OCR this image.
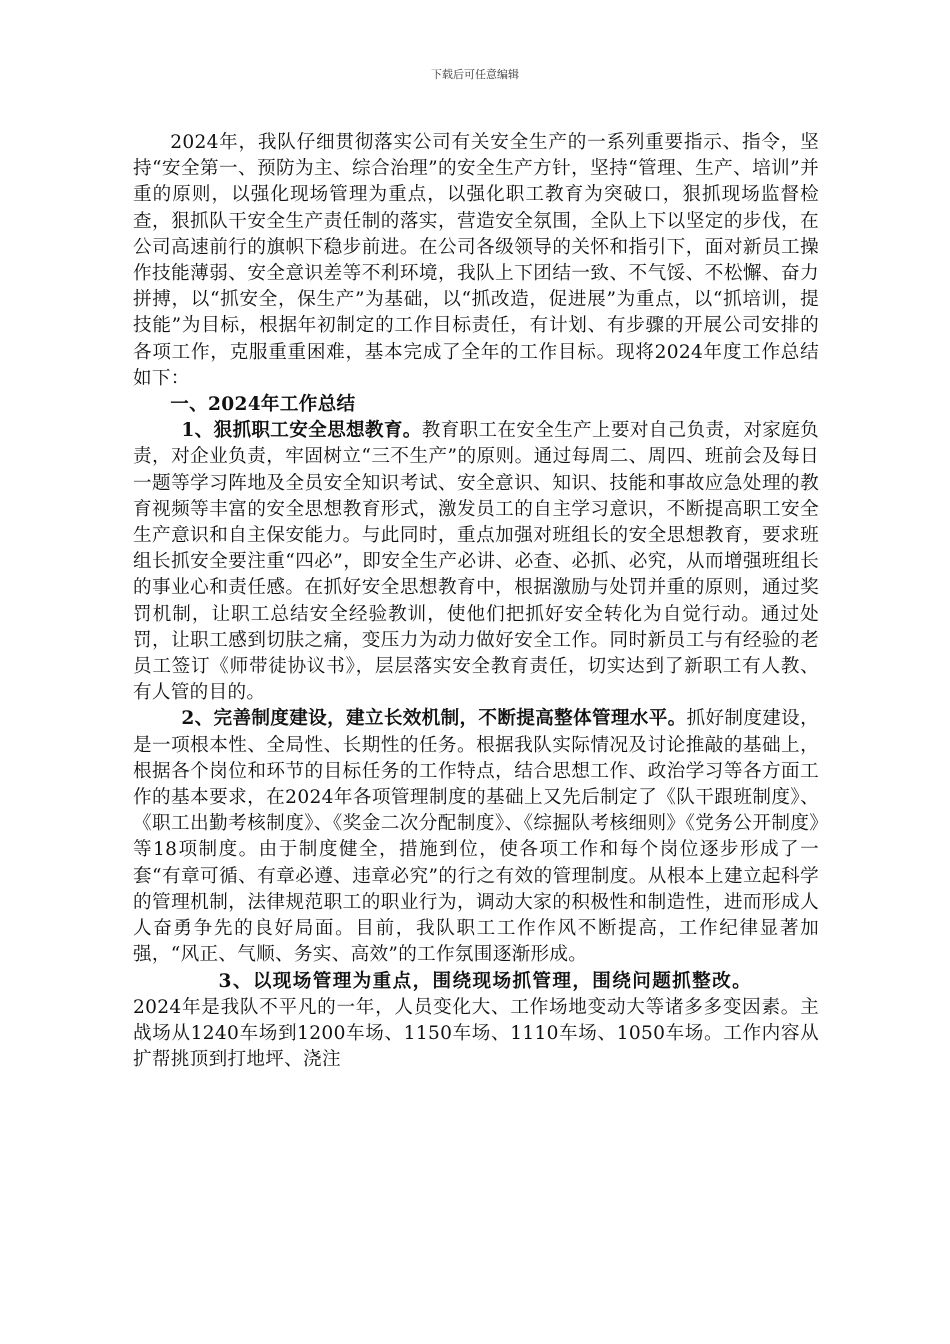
下载后可任意编辑

2024年，我队仔细贯彻落实公司有关安全生产的一系列重要指示、指令，坚持“安全第一、预防为主、综合治理”的安全生产方针，坚持“管理、生产、培训”并重的原则，以强化现场管理为重点，以强化职工教育为突破口，狠抓现场监督检查，狠抓队干安全生产责任制的落实，营造安全氛围，全队上下以坚定的步伐，在公司高速前行的旗帜下稳步前进。在公司各级领导的关怀和指引下，面对新员工操作技能薄弱、安全意识差等不利环境，我队上下团结一致、不气馁、不松懈、奋力拼搏，以“抓安全，保生产”为基础，以“抓改造，促进展”为重点，以“抓培训，提技能”为目标，根据年初制定的工作目标责任，有计划、有步骤的开展公司安排的各项工作，克服重重困难，基本完成了全年的工作目标。现将2024年度工作总结如下：

一、2024年工作总结

1、狠抓职工安全思想教育。教育职工在安全生产上要对自己负责，对家庭负责，对企业负责，牢固树立“三不生产”的原则。通过每周二、周四、班前会及每日一题等学习阵地及全员安全知识考试、安全意识、知识、技能和事故应急处理的教育视频等丰富的安全思想教育形式，激发员工的自主学习意识，不断提高职工安全生产意识和自主保安能力。与此同时，重点加强对班组长的安全思想教育，要求班组长抓安全要注重“四必”，即安全生产必讲、必查、必抓、必究，从而增强班组长的事业心和责任感。在抓好安全思想教育中，根据激励与处罚并重的原则，通过奖罚机制，让职工总结安全经验教训，使他们把抓好安全转化为自觉行动。通过处罚，让职工感到切肤之痛，变压力为动力做好安全工作。同时新员工与有经验的老员工签订《师带徒协议书》，层层落实安全教育责任，切实达到了新职工有人教、有人管的目的。

2、完善制度建设，建立长效机制，不断提高整体管理水平。抓好制度建设，是一项根本性、全局性、长期性的任务。根据我队实际情况及讨论推敲的基础上，根据各个岗位和环节的目标任务的工作特点，结合思想工作、政治学习等各方面工作的基本要求，在2024年各项管理制度的基础上又先后制定了《队干跟班制度》、《职工出勤考核制度》、《奖金二次分配制度》、《综掘队考核细则》《党务公开制度》等18项制度。由于制度健全，措施到位，使各项工作和每个岗位逐步形成了一套“有章可循、有章必遵、违章必究”的行之有效的管理制度。从根本上建立起科学的管理机制，法律规范职工的职业行为，调动大家的积极性和制造性，进而形成人人奋勇争先的良好局面。目前，我队职工工作作风不断提高，工作纪律显著加强，“风正、气顺、务实、高效”的工作氛围逐渐形成。

3、以现场管理为重点，围绕现场抓管理，围绕问题抓整改。2024年是我队不平凡的一年，人员变化大、工作场地变动大等诸多多变因素。主战场从1240车场到1200车场、1150车场、1110车场、1050车场。工作内容从扩帮挑顶到打地坪、浇注
